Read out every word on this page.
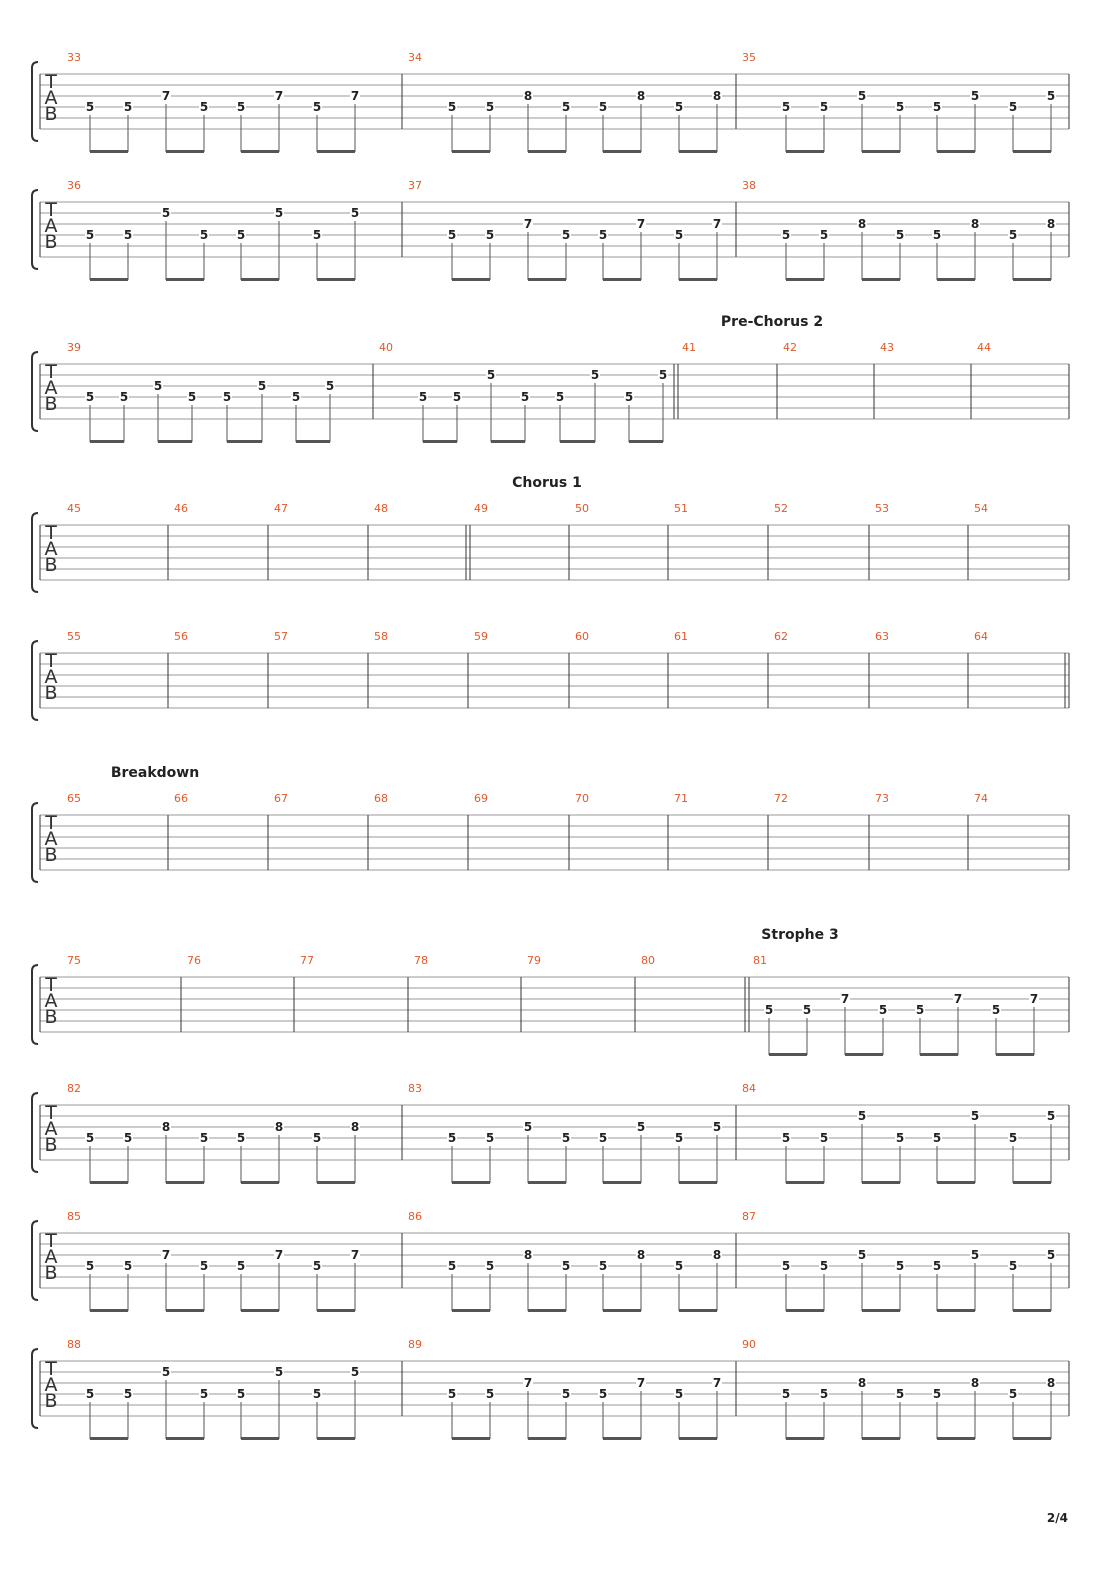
T
A
B
33
5 5
7
5 5
7
5
7
34
5 5
8
5 5
8
5
8
35
5 5
5
5 5
5
5
5
T
A
B
36
5 5
5
5 5
5
5
5
37
5 5
7
5 5
7
5
7
38
5 5
8
5 5
8
5
8
T
A
B
Pre-Chorus 2
39
5 5
5
5 5
5
5
5
40
5 5
5
5 5
5
5
5
41	42	43	44
T
A
B
Chorus 1
45	46	47	48	49	50	51	52	53	54
T
A
B
55	56	57	58	59	60	61	62	63	64
T
A
B
Breakdown
65	66	67	68	69	70	71	72	73	74
T
A
B
Strophe 3
75	76	77	78	79	80	81
5 5
7
5 5
7
5
7
T
A
B
82
5 5
8
5 5
8
5
8
83
5 5
5
5 5
5
5
5
84
5 5
5
5 5
5
5
5
T
A
B
85
5 5
7
5 5
7
5
7
86
5 5
8
5 5
8
5
8
87
5 5
5
5 5
5
5
5
T
A
B
88
5 5
5
5 5
5
5
5
89
5 5
7
5 5
7
5
7
90
5 5
8
5 5
8
5
8
2/4
